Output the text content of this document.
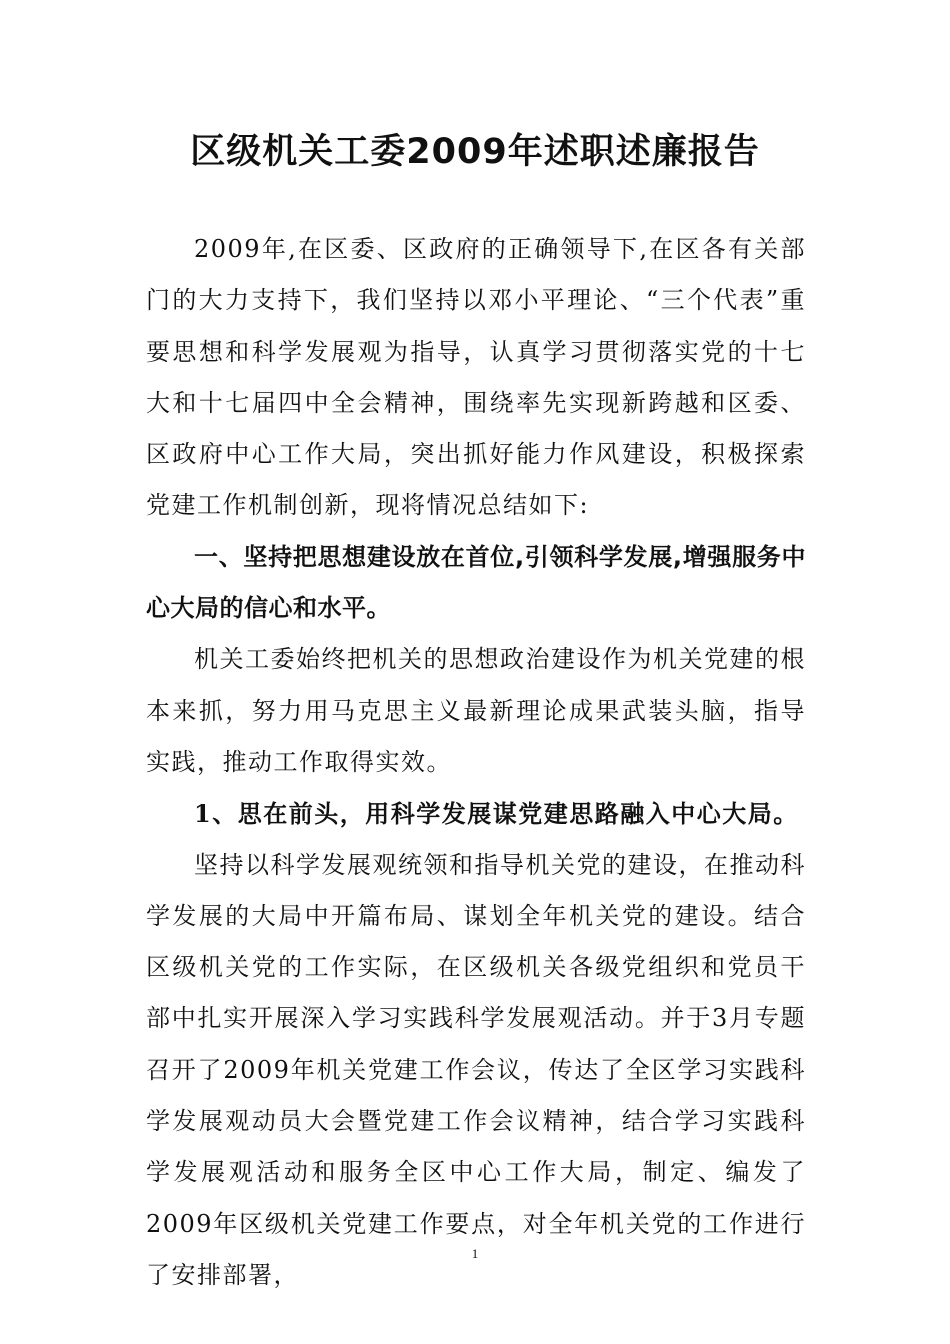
区级机关工委2009年述职述廉报告

2009年,在区委、区政府的正确领导下,在区各有关部门的大力支持下，我们坚持以邓小平理论、“三个代表”重要思想和科学发展观为指导，认真学习贯彻落实党的十七大和十七届四中全会精神，围绕率先实现新跨越和区委、区政府中心工作大局，突出抓好能力作风建设，积极探索党建工作机制创新，现将情况总结如下:

一、坚持把思想建设放在首位,引领科学发展,增强服务中心大局的信心和水平。

机关工委始终把机关的思想政治建设作为机关党建的根本来抓，努力用马克思主义最新理论成果武装头脑，指导实践，推动工作取得实效。

1、思在前头，用科学发展谋党建思路融入中心大局。

坚持以科学发展观统领和指导机关党的建设，在推动科学发展的大局中开篇布局、谋划全年机关党的建设。结合区级机关党的工作实际，在区级机关各级党组织和党员干部中扎实开展深入学习实践科学发展观活动。并于3月专题召开了2009年机关党建工作会议，传达了全区学习实践科学发展观动员大会暨党建工作会议精神，结合学习实践科学发展观活动和服务全区中心工作大局，制定、编发了2009年区级机关党建工作要点，对全年机关党的工作进行了安排部署，

1
